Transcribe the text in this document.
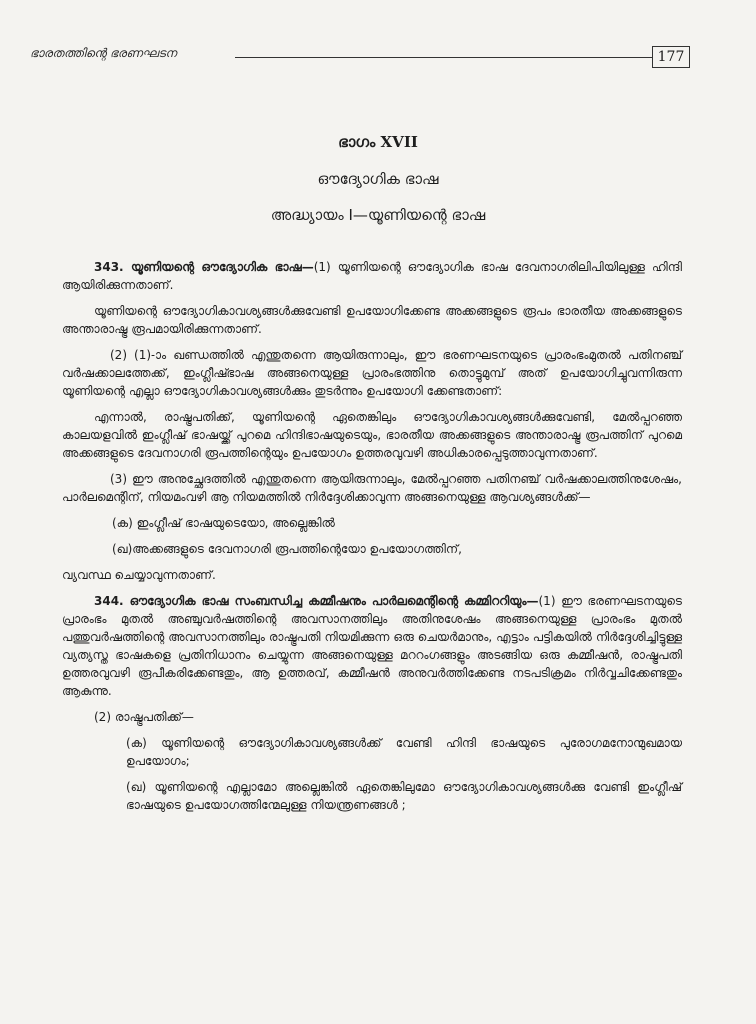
ഭാരതത്തിന്റെ ഭരണഘടന	177

ഭാഗം XVII

ഔദ്യോഗിക ഭാഷ

അദ്ധ്യായം I—യൂണിയന്റെ ഭാഷ

343. യൂണിയന്റെ ഔദ്യോഗിക ഭാഷ—(1) യൂണിയന്റെ ഔദ്യോഗിക ഭാഷ ദേവനാഗരിലിപിയിലുള്ള ഹിന്ദി ആയിരിക്കുന്നതാണ്.

യൂണിയന്റെ ഔദ്യോഗികാവശ്യങ്ങൾക്കുവേണ്ടി ഉപയോഗിക്കേണ്ട അക്കങ്ങളുടെ രൂപം ഭാരതീയ അക്കങ്ങളുടെ അന്താരാഷ്ട്ര രൂപമായിരിക്കുന്നതാണ്.

(2) (1)-ാം ഖണ്ഡത്തിൽ എന്തുതന്നെ ആയിരുന്നാലും, ഈ ഭരണഘടനയുടെ പ്രാരംഭംമുതൽ പതിനഞ്ച് വർഷക്കാലത്തേക്ക്, ഇംഗ്ലീഷ്ഭാഷ അങ്ങനെയുള്ള പ്രാരംഭത്തിനു തൊട്ടുമുമ്പ് അത് ഉപയോഗിച്ചുവന്നിരുന്ന യൂണിയന്റെ എല്ലാ ഔദ്യോഗികാവശ്യങ്ങൾക്കും തുടർന്നും ഉപയോഗി ക്കേണ്ടതാണ്:

എന്നാൽ, രാഷ്ട്രപതിക്ക്, യൂണിയന്റെ ഏതെങ്കിലും ഔദ്യോഗികാവശ്യങ്ങൾക്കുവേണ്ടി, മേൽപ്പറഞ്ഞ കാലയളവിൽ ഇംഗ്ലീഷ് ഭാഷയ്ക്ക് പുറമെ ഹിന്ദിഭാഷയുടെയും, ഭാരതീയ അക്കങ്ങളുടെ അന്താരാഷ്ട്ര രൂപത്തിന് പുറമെ അക്കങ്ങളുടെ ദേവനാഗരി രൂപത്തിന്റെയും ഉപയോഗം ഉത്തരവുവഴി അധികാരപ്പെടുത്താവുന്നതാണ്.

(3) ഈ അനുച്ഛേദത്തിൽ എന്തുതന്നെ ആയിരുന്നാലും, മേൽപ്പറഞ്ഞ പതിനഞ്ച് വർഷക്കാലത്തിനുശേഷം, പാർലമെന്റിന്, നിയമംവഴി ആ നിയമത്തിൽ നിർദ്ദേശിക്കാവുന്ന അങ്ങനെയുള്ള ആവശ്യങ്ങൾക്ക്—

(ക) ഇംഗ്ലീഷ് ഭാഷയുടെയോ, അല്ലെങ്കിൽ

(ഖ)അക്കങ്ങളുടെ ദേവനാഗരി രൂപത്തിന്റെയോ ഉപയോഗത്തിന്,

വ്യവസ്ഥ ചെയ്യാവുന്നതാണ്.

344. ഔദ്യോഗിക ഭാഷ സംബന്ധിച്ച കമ്മീഷനും പാർലമെന്റിന്റെ കമ്മിററിയും—(1) ഈ ഭരണഘടനയുടെ പ്രാരംഭം മുതൽ അഞ്ചുവർഷത്തിന്റെ അവസാനത്തിലും അതിനുശേഷം അങ്ങനെയുള്ള പ്രാരംഭം മുതൽ പത്തുവർഷത്തിന്റെ അവസാനത്തിലും രാഷ്ട്രപതി നിയമിക്കുന്ന ഒരു ചെയർമാനും, എട്ടാം പട്ടികയിൽ നിർദ്ദേശിച്ചിട്ടുള്ള വ്യത്യസ്ത ഭാഷകളെ പ്രതിനിധാനം ചെയ്യുന്ന അങ്ങനെയുള്ള മററംഗങ്ങളും അടങ്ങിയ ഒരു കമ്മീഷൻ, രാഷ്ട്രപതി ഉത്തരവുവഴി രൂപീകരിക്കേണ്ടതും, ആ ഉത്തരവ്, കമ്മീഷൻ അനുവർത്തിക്കേണ്ട നടപടിക്രമം നിർവ്വചിക്കേണ്ടതും ആകുന്നു.

(2) രാഷ്ട്രപതിക്ക്—

(ക) യൂണിയന്റെ ഔദ്യോഗികാവശ്യങ്ങൾക്ക് വേണ്ടി ഹിന്ദി ഭാഷയുടെ പുരോഗമനോന്മുഖമായ ഉപയോഗം;

(ഖ) യൂണിയന്റെ എല്ലാമോ അല്ലെങ്കിൽ ഏതെങ്കിലുമോ ഔദ്യോഗികാവശ്യങ്ങൾക്കു വേണ്ടി ഇംഗ്ലീഷ് ഭാഷയുടെ ഉപയോഗത്തിന്മേലുള്ള നിയന്ത്രണങ്ങൾ ;
